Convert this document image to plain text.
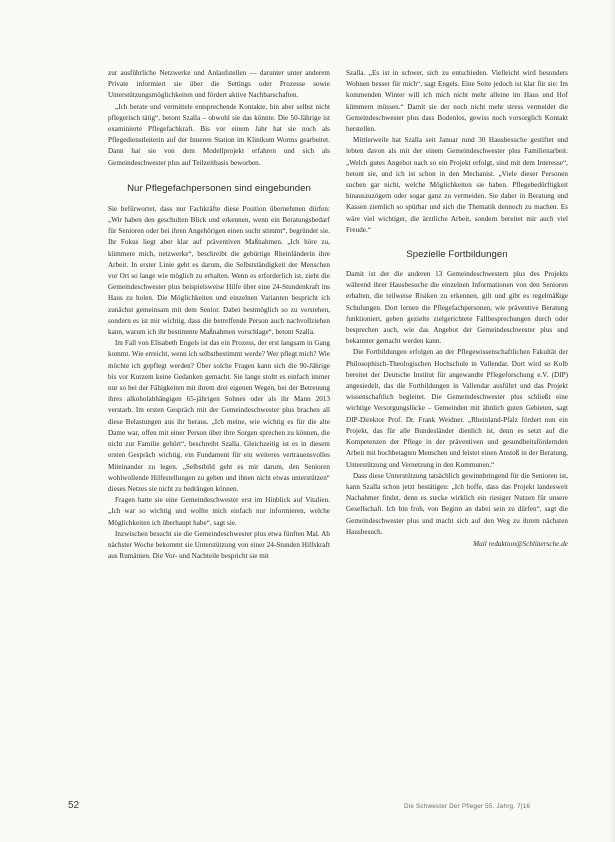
zur ausführliche Netzwerke und Anlaufstellen — darunter unter anderem Private informiert sie über die Settings oder Prozesse sowie Unterstützungsmöglichkeiten und fördert aktive Nachbarschaften.

„Ich berate und vermittele entsprechende Kontakte, bin aber selbst nicht pflegerisch tätig“, betont Szalla – obwohl sie das könnte. Die 50-Jährige ist examinierte Pflegefachkraft. Bis vor einem Jahr hat sie noch als Pflegedienstleiterin auf der Inneren Station im Klinikum Worms gearbeitet. Dann hat sie von dem Modellprojekt erfahren und sich als Gemeindeschwester plus auf Teilzeitbasis beworben.

Nur Pflegefachpersonen sind eingebunden

Sie befürwortet, dass nur Fachkräfte diese Position übernehmen dürfen: „Wir haben den geschulten Blick und erkennen, wenn ein Beratungsbedarf für Senioren oder bei ihren Angehörigen einen sucht stimmt“, begründet sie. Ihr Fokus liegt aber klar auf präventiven Maßnahmen. „Ich höre zu, kümmere mich, netzwerke“, beschreibt die gebürtige Rheinländerin ihre Arbeit. In erster Linie geht es darum, die Selbstständigkeit der Menschen vor Ort so lange wie möglich zu erhalten. Wenn es erforderlich ist, zieht die Gemeindeschwester plus beispielsweise Hilfe über eine 24-Stundenkraft ins Haus zu holen. Die Möglichkeiten und einzelnen Varianten bespricht ich zunächst gemeinsam mit dem Senior. Dabei bestmöglich so zu verstehen, sondern es ist mir wichtig, dass die betreffende Person auch nachvollziehen kann, warum ich ihr bestimmte Maßnahmen vorschlage“, betont Szalla.

Im Fall von Elisabeth Engels ist das ein Prozess, der erst langsam in Gang kommt. Wie erreicht, wenn ich selbstbestimmt werde? Wer pflegt mich? Wie möchte ich gepflegt werden? Über solche Fragen kann sich die 90-Jährige bis vor Kurzem keine Gedanken gemacht. Sie lange stoltt es einfach immer nur so bei der Fähigkeiten mit ihrem drei eigenen Wegen, bei der Betreuung ihres alkoholabhängigen 65-jährigen Sohnes oder als ihr Mann 2013 verstarb. Im ersten Gespräch mit der Gemeindeschwester plus brachen all diese Belastungen aus ihr heraus. „Ich meine, wie wichtig es für die alte Dame war, offen mit einer Person über ihre Sorgen sprechen zu können, die nicht zur Familie gehört“, beschreibt Szalla. Gleichzeitig ist es in diesem ersten Gespräch wichtig, ein Fundament für ein weiteres vertrauensvolles Miteinander zu legen. „Selbstbild geht es mir darum, den Senioren wohlwollende Hilfestellungen zu geben und ihnen nicht etwas unterstützen“ dieses Netzes sie nicht zu bedrängen können.

Fragen hatte sie eine Gemeindeschwester erst im Hinblick auf Vitalien. „Ich war so wichtig und wollte mich einfach nur informieren, welche Möglichkeiten ich überhaupt habe“, sagt sie.

Inzwischen besucht sie die Gemeindeschwester plus etwa fünften Mal. Ab nächster Woche bekommt sie Unterstützung von einer 24-Stunden Hilfskraft aus Rumänien. Die Vor- und Nachteile bespricht sie mit

Szalla. „Es ist in schwer, sich zu entschieden. Vielleicht wird besonders Wohnen besser für mich“, sagt Engels. Eine Seite jedoch ist klar für sie: Im kommenden Winter will ich mich nicht mehr alleine im Haus und Hof kümmern müssen.“ Damit sie der noch nicht mehr stress vermeidet die Gemeindeschwester plus dass Bodenlos, gewiss noch vorsorglich Kontakt herstellen.

Mittlerweile hat Szalla seit Januar rund 30 Hausbesuche gestiftet und lebten davon als mit der einem Gemeindeschwester plus Familienarbeit. „Welch gutes Angebot nach so ein Projekt erfolgt, sind mit dem Interesse“, betont sie, und ich ist schon in den Mechanist. „Viele dieser Personen suchen gar nicht, welche Möglichkeiten sie haben. Pflegebedürftigkeit hinauszuzögern oder sogar ganz zu vermeiden. Sie daher in Beratung und Kassen ziemlich so spürbar und sich die Thematik dennoch zu machen. Es wäre viel wichtiger, die ärztliche Arbeit, sondern bereitet mir auch viel Freude.“

Spezielle Fortbildungen

Damit ist der die anderen 13 Gemeindeschwestern plus des Projekts während ihrer Hausbesuche die einzelnen Informationen von den Senioren erhalten, die teilweise Risiken zu erkennen, gilt und gibt es regelmäßige Schulungen. Dort lernen die Pflegefachpersonen, wie präventive Beratung funktioniert, geben gezielte zielgerichtete Fallbesprechungen durch oder besprechen auch, wie das Angebot der Gemeindeschwester plus und bekannter gemacht werden kann.

Die Fortbildungen erfolgen an der Pflegewissenschaftlichen Fakultät der Philosophisch-Theologischen Hochschule in Vallendar. Dort wird so Kolb bereitet der Deutsche Institut für angewandte Pflegeforschung e.V. (DIP) angesiedelt, das die Fortbildungen in Vallendar ausführt und das Projekt wissenschaftlich begleitet. Die Gemeindeschwester plus schließt eine wichtige Versorgungslücke – Gemeinden mit ähnlich guten Gebieten, sagt DIP-Direktor Prof. Dr. Frank Weidner. „Rheinland-Pfalz fördert nun ein Projekt, das für alle Bundesländer dienlich ist, denn es setzt auf die Kompetenzen der Pflege in der präventiven und gesundheitsfördernden Arbeit mit hochbetagten Menschen und leistet einen Anstoß in der Beratung, Unterstützung und Vernetzung in den Kommunen.“

Dass diese Unterstützung tatsächlich gewinnbringend für die Senioren ist, kann Szalla schon jetzt bestätigen: „Ich hoffe, dass das Projekt landesweit Nachahmer findet, denn es stecke wirklich ein riesiger Nutzen für unsere Gesellschaft. Ich bin froh, von Beginn an dabei sein zu dürfen“, sagt die Gemeindeschwester plus und macht sich auf den Weg zu ihrem nächsten Hausbesuch.

Mail redaktion@Schlütersche.de
52	Die Schwester Der Pfleger 55. Jahrg. 7|16
